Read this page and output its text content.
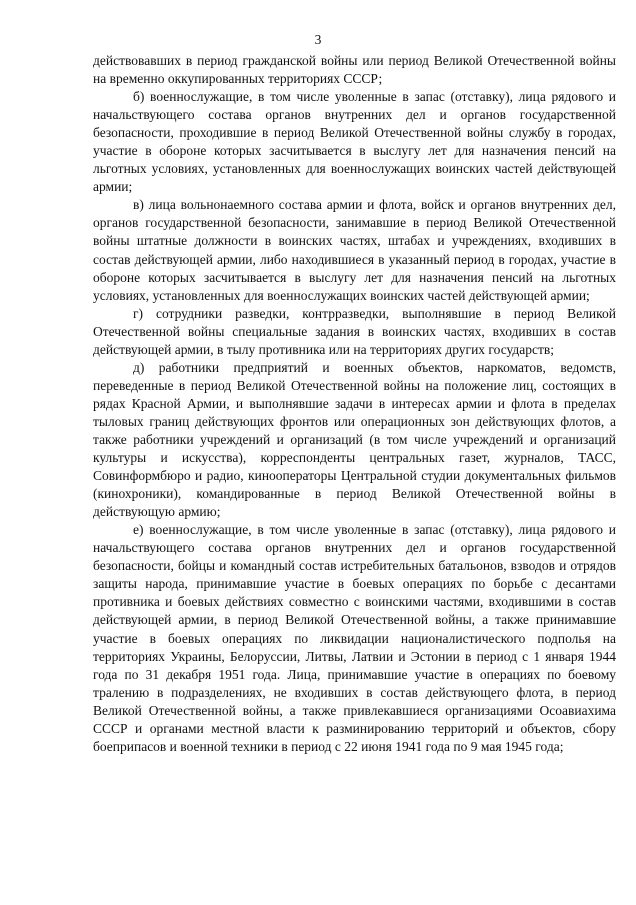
3

действовавших в период гражданской войны или период Великой Отечественной войны на временно оккупированных территориях СССР;

б) военнослужащие, в том числе уволенные в запас (отставку), лица рядового и начальствующего состава органов внутренних дел и органов государственной безопасности, проходившие в период Великой Отечественной войны службу в городах, участие в обороне которых засчитывается в выслугу лет для назначения пенсий на льготных условиях, установленных для военнослужащих воинских частей действующей армии;

в) лица вольнонаемного состава армии и флота, войск и органов внутренних дел, органов государственной безопасности, занимавшие в период Великой Отечественной войны штатные должности в воинских частях, штабах и учреждениях, входивших в состав действующей армии, либо находившиеся в указанный период в городах, участие в обороне которых засчитывается в выслугу лет для назначения пенсий на льготных условиях, установленных для военнослужащих воинских частей действующей армии;

г) сотрудники разведки, контрразведки, выполнявшие в период Великой Отечественной войны специальные задания в воинских частях, входивших в состав действующей армии, в тылу противника или на территориях других государств;

д) работники предприятий и военных объектов, наркоматов, ведомств, переведенные в период Великой Отечественной войны на положение лиц, состоящих в рядах Красной Армии, и выполнявшие задачи в интересах армии и флота в пределах тыловых границ действующих фронтов или операционных зон действующих флотов, а также работники учреждений и организаций (в том числе учреждений и организаций культуры и искусства), корреспонденты центральных газет, журналов, ТАСС, Совинформбюро и радио, кинооператоры Центральной студии документальных фильмов (кинохроники), командированные в период Великой Отечественной войны в действующую армию;

е) военнослужащие, в том числе уволенные в запас (отставку), лица рядового и начальствующего состава органов внутренних дел и органов государственной безопасности, бойцы и командный состав истребительных батальонов, взводов и отрядов защиты народа, принимавшие участие в боевых операциях по борьбе с десантами противника и боевых действиях совместно с воинскими частями, входившими в состав действующей армии, в период Великой Отечественной войны, а также принимавшие участие в боевых операциях по ликвидации националистического подполья на территориях Украины, Белоруссии, Литвы, Латвии и Эстонии в период с 1 января 1944 года по 31 декабря 1951 года. Лица, принимавшие участие в операциях по боевому тралению в подразделениях, не входивших в состав действующего флота, в период Великой Отечественной войны, а также привлекавшиеся организациями Осоавиахима СССР и органами местной власти к разминированию территорий и объектов, сбору боеприпасов и военной техники в период с 22 июня 1941 года по 9 мая 1945 года;
